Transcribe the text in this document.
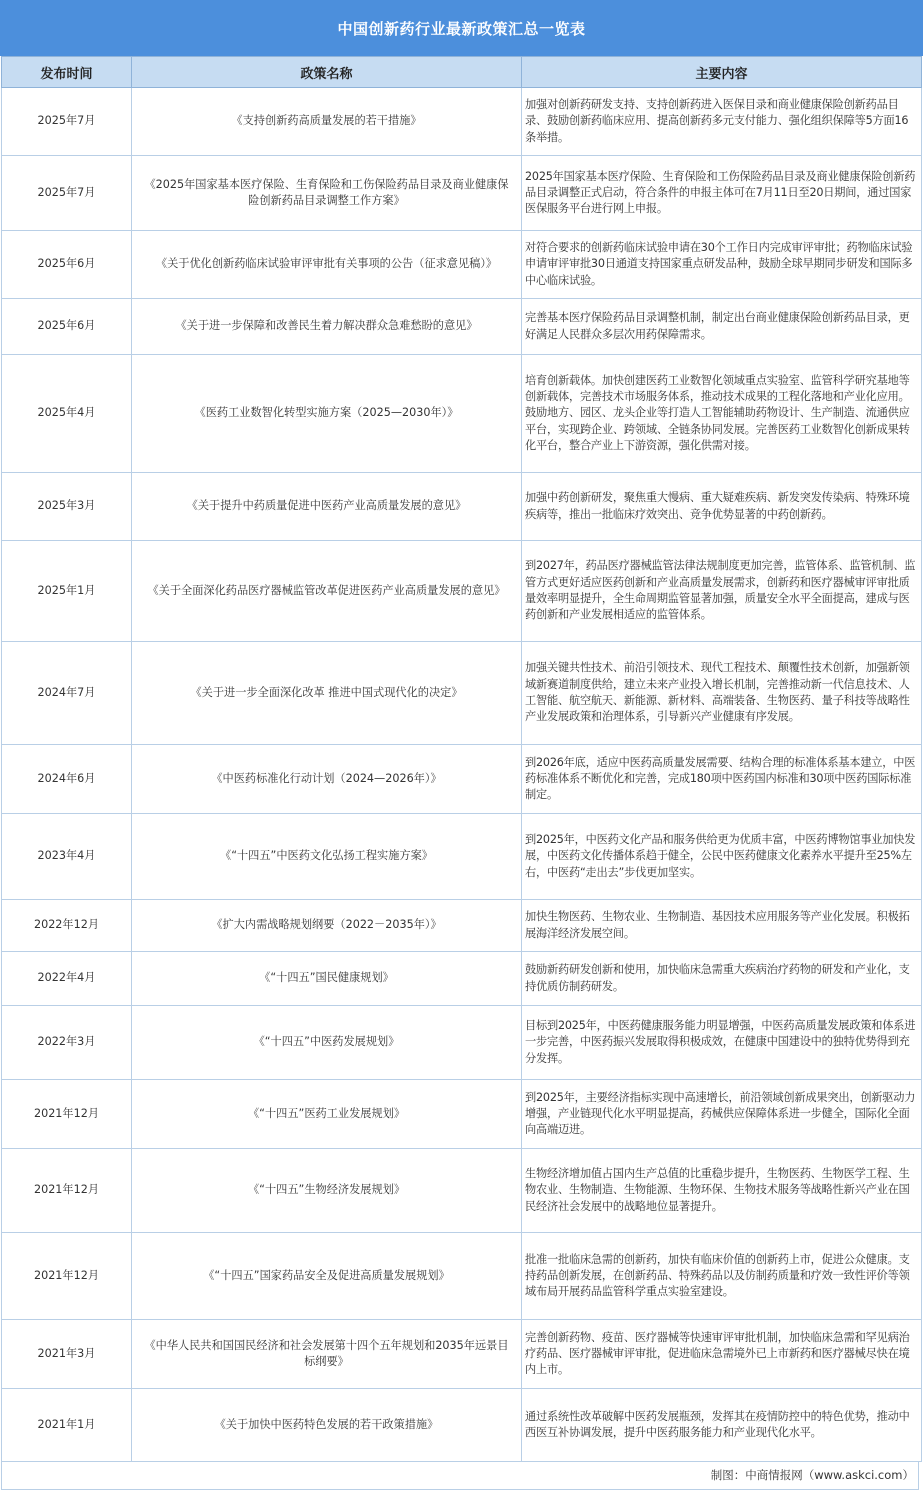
中国创新药行业最新政策汇总一览表
发布时间	政策名称	主要内容
2025年7月	《支持创新药高质量发展的若干措施》	加强对创新药研发支持、支持创新药进入医保目录和商业健康保险创新药品目录、鼓励创新药临床应用、提高创新药多元支付能力、强化组织保障等5方面16条举措。
2025年7月	《2025年国家基本医疗保险、生育保险和工伤保险药品目录及商业健康保险创新药品目录调整工作方案》	2025年国家基本医疗保险、生育保险和工伤保险药品目录及商业健康保险创新药品目录调整正式启动，符合条件的申报主体可在7月11日至20日期间，通过国家医保服务平台进行网上申报。
2025年6月	《关于优化创新药临床试验审评审批有关事项的公告（征求意见稿）》	对符合要求的创新药临床试验申请在30个工作日内完成审评审批；药物临床试验申请审评审批30日通道支持国家重点研发品种，鼓励全球早期同步研发和国际多中心临床试验。
2025年6月	《关于进一步保障和改善民生着力解决群众急难愁盼的意见》	完善基本医疗保险药品目录调整机制，制定出台商业健康保险创新药品目录，更好满足人民群众多层次用药保障需求。
2025年4月	《医药工业数智化转型实施方案（2025—2030年）》	培育创新载体。加快创建医药工业数智化领域重点实验室、监管科学研究基地等创新载体，完善技术市场服务体系，推动技术成果的工程化落地和产业化应用。鼓励地方、园区、龙头企业等打造人工智能辅助药物设计、生产制造、流通供应平台，实现跨企业、跨领域、全链条协同发展。完善医药工业数智化创新成果转化平台，整合产业上下游资源，强化供需对接。
2025年3月	《关于提升中药质量促进中医药产业高质量发展的意见》	加强中药创新研发，聚焦重大慢病、重大疑难疾病、新发突发传染病、特殊环境疾病等，推出一批临床疗效突出、竞争优势显著的中药创新药。
2025年1月	《关于全面深化药品医疗器械监管改革促进医药产业高质量发展的意见》	到2027年，药品医疗器械监管法律法规制度更加完善，监管体系、监管机制、监管方式更好适应医药创新和产业高质量发展需求，创新药和医疗器械审评审批质量效率明显提升，全生命周期监管显著加强，质量安全水平全面提高，建成与医药创新和产业发展相适应的监管体系。
2024年7月	《关于进一步全面深化改革 推进中国式现代化的决定》	加强关键共性技术、前沿引领技术、现代工程技术、颠覆性技术创新，加强新领域新赛道制度供给，建立未来产业投入增长机制，完善推动新一代信息技术、人工智能、航空航天、新能源、新材料、高端装备、生物医药、量子科技等战略性产业发展政策和治理体系，引导新兴产业健康有序发展。
2024年6月	《中医药标准化行动计划（2024—2026年）》	到2026年底，适应中医药高质量发展需要、结构合理的标准体系基本建立，中医药标准体系不断优化和完善，完成180项中医药国内标准和30项中医药国际标准制定。
2023年4月	《“十四五”中医药文化弘扬工程实施方案》	到2025年，中医药文化产品和服务供给更为优质丰富，中医药博物馆事业加快发展，中医药文化传播体系趋于健全，公民中医药健康文化素养水平提升至25%左右，中医药“走出去”步伐更加坚实。
2022年12月	《扩大内需战略规划纲要（2022－2035年）》	加快生物医药、生物农业、生物制造、基因技术应用服务等产业化发展。积极拓展海洋经济发展空间。
2022年4月	《“十四五”国民健康规划》	鼓励新药研发创新和使用，加快临床急需重大疾病治疗药物的研发和产业化，支持优质仿制药研发。
2022年3月	《“十四五”中医药发展规划》	目标到2025年，中医药健康服务能力明显增强，中医药高质量发展政策和体系进一步完善，中医药振兴发展取得积极成效，在健康中国建设中的独特优势得到充分发挥。
2021年12月	《“十四五”医药工业发展规划》	到2025年，主要经济指标实现中高速增长，前沿领域创新成果突出，创新驱动力增强，产业链现代化水平明显提高，药械供应保障体系进一步健全，国际化全面向高端迈进。
2021年12月	《“十四五”生物经济发展规划》	生物经济增加值占国内生产总值的比重稳步提升，生物医药、生物医学工程、生物农业、生物制造、生物能源、生物环保、生物技术服务等战略性新兴产业在国民经济社会发展中的战略地位显著提升。
2021年12月	《“十四五”国家药品安全及促进高质量发展规划》	批准一批临床急需的创新药，加快有临床价值的创新药上市，促进公众健康。支持药品创新发展，在创新药品、特殊药品以及仿制药质量和疗效一致性评价等领域布局开展药品监管科学重点实验室建设。
2021年3月	《中华人民共和国国民经济和社会发展第十四个五年规划和2035年远景目标纲要》	完善创新药物、疫苗、医疗器械等快速审评审批机制，加快临床急需和罕见病治疗药品、医疗器械审评审批，促进临床急需境外已上市新药和医疗器械尽快在境内上市。
2021年1月	《关于加快中医药特色发展的若干政策措施》	通过系统性改革破解中医药发展瓶颈，发挥其在疫情防控中的特色优势，推动中西医互补协调发展，提升中医药服务能力和产业现代化水平。
制图：中商情报网（www.askci.com）
